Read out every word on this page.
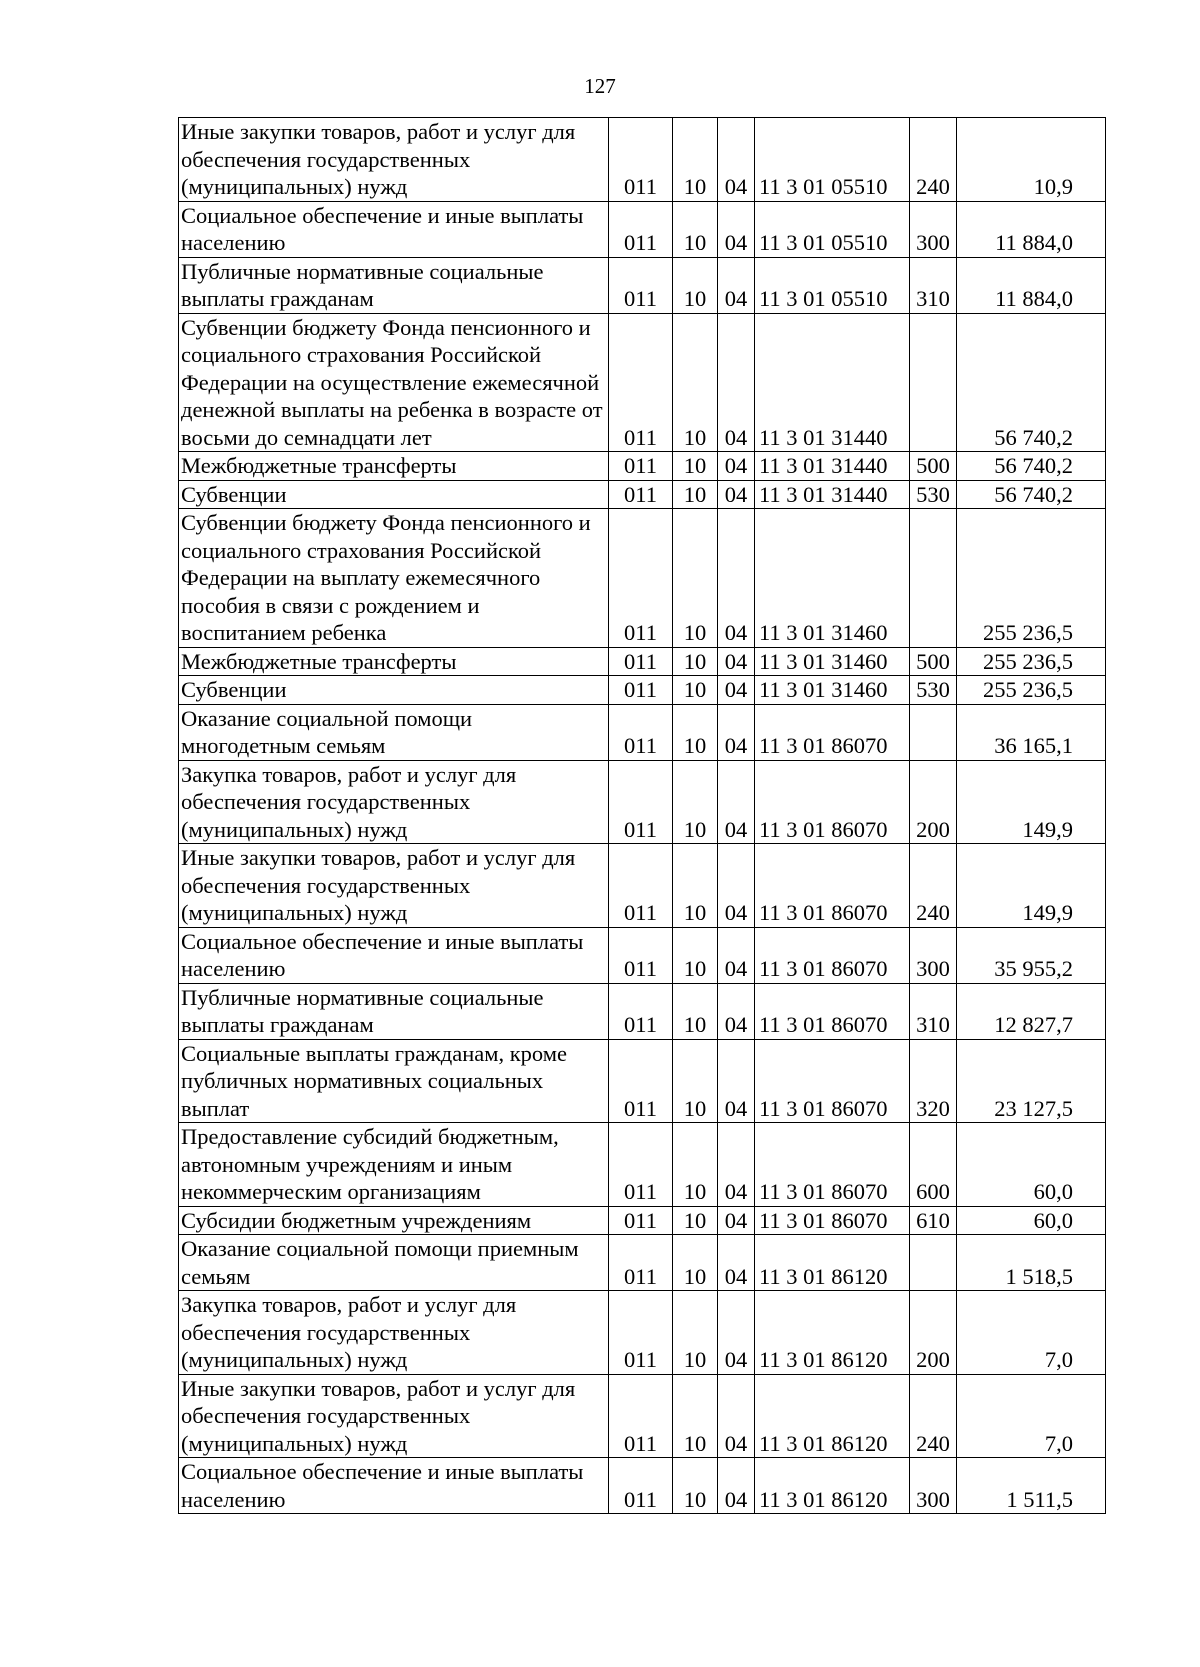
127
Иные закупки товаров, работ и услуг для обеспечения государственных (муниципальных) нужд	011	10	04	11 3 01 05510	240	10,9
Социальное обеспечение и иные выплаты населению	011	10	04	11 3 01 05510	300	11 884,0
Публичные нормативные социальные выплаты гражданам	011	10	04	11 3 01 05510	310	11 884,0
Субвенции бюджету Фонда пенсионного и социального страхования Российской Федерации на осуществление ежемесячной денежной выплаты на ребенка в возрасте от восьми до семнадцати лет	011	10	04	11 3 01 31440		56 740,2
Межбюджетные трансферты	011	10	04	11 3 01 31440	500	56 740,2
Субвенции	011	10	04	11 3 01 31440	530	56 740,2
Субвенции бюджету Фонда пенсионного и социального страхования Российской Федерации на выплату ежемесячного пособия в связи с рождением и воспитанием ребенка	011	10	04	11 3 01 31460		255 236,5
Межбюджетные трансферты	011	10	04	11 3 01 31460	500	255 236,5
Субвенции	011	10	04	11 3 01 31460	530	255 236,5
Оказание социальной помощи многодетным семьям	011	10	04	11 3 01 86070		36 165,1
Закупка товаров, работ и услуг для обеспечения государственных (муниципальных) нужд	011	10	04	11 3 01 86070	200	149,9
Иные закупки товаров, работ и услуг для обеспечения государственных (муниципальных) нужд	011	10	04	11 3 01 86070	240	149,9
Социальное обеспечение и иные выплаты населению	011	10	04	11 3 01 86070	300	35 955,2
Публичные нормативные социальные выплаты гражданам	011	10	04	11 3 01 86070	310	12 827,7
Социальные выплаты гражданам, кроме публичных нормативных социальных выплат	011	10	04	11 3 01 86070	320	23 127,5
Предоставление субсидий бюджетным, автономным учреждениям и иным некоммерческим организациям	011	10	04	11 3 01 86070	600	60,0
Субсидии бюджетным учреждениям	011	10	04	11 3 01 86070	610	60,0
Оказание социальной помощи приемным семьям	011	10	04	11 3 01 86120		1 518,5
Закупка товаров, работ и услуг для обеспечения государственных (муниципальных) нужд	011	10	04	11 3 01 86120	200	7,0
Иные закупки товаров, работ и услуг для обеспечения государственных (муниципальных) нужд	011	10	04	11 3 01 86120	240	7,0
Социальное обеспечение и иные выплаты населению	011	10	04	11 3 01 86120	300	1 511,5
